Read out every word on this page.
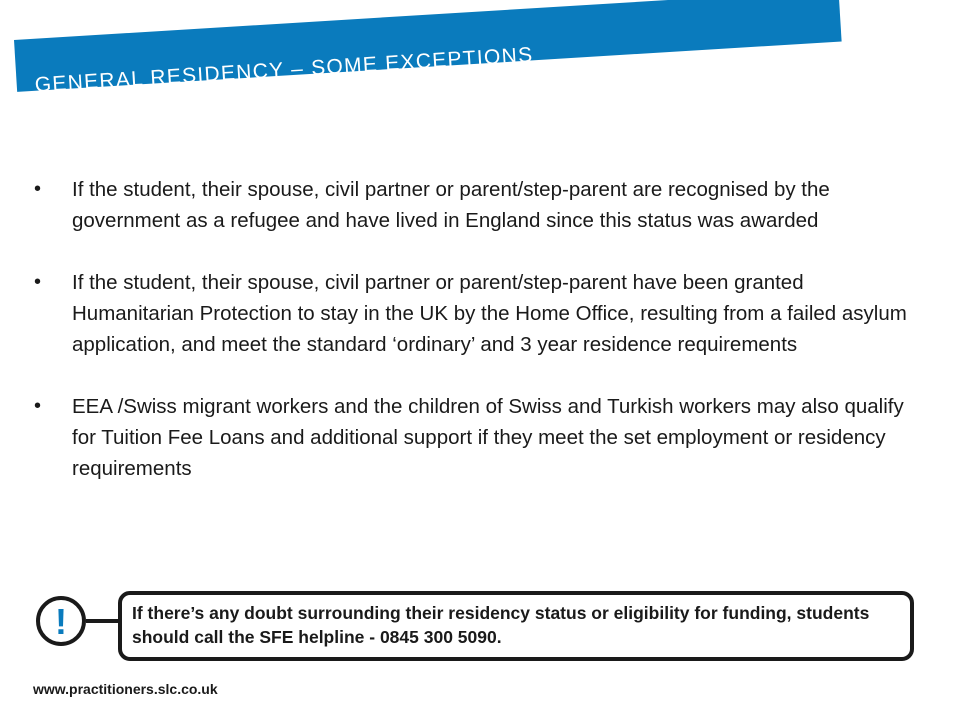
GENERAL RESIDENCY – SOME EXCEPTIONS
•	If the student, their spouse, civil partner or parent/step-parent are recognised by the government as a refugee and have lived in England since this status was awarded
•	If the student, their spouse, civil partner or parent/step-parent have been granted Humanitarian Protection to stay in the UK by the Home Office, resulting from a failed asylum application, and meet the standard ‘ordinary’ and 3 year residence requirements
•	EEA /Swiss migrant workers and the children of Swiss and Turkish workers may also qualify for Tuition Fee Loans and additional support if they meet the set employment or residency requirements
!	If there’s any doubt surrounding their residency status or eligibility for funding, students should call the SFE helpline - 0845 300 5090.
www.practitioners.slc.co.uk
